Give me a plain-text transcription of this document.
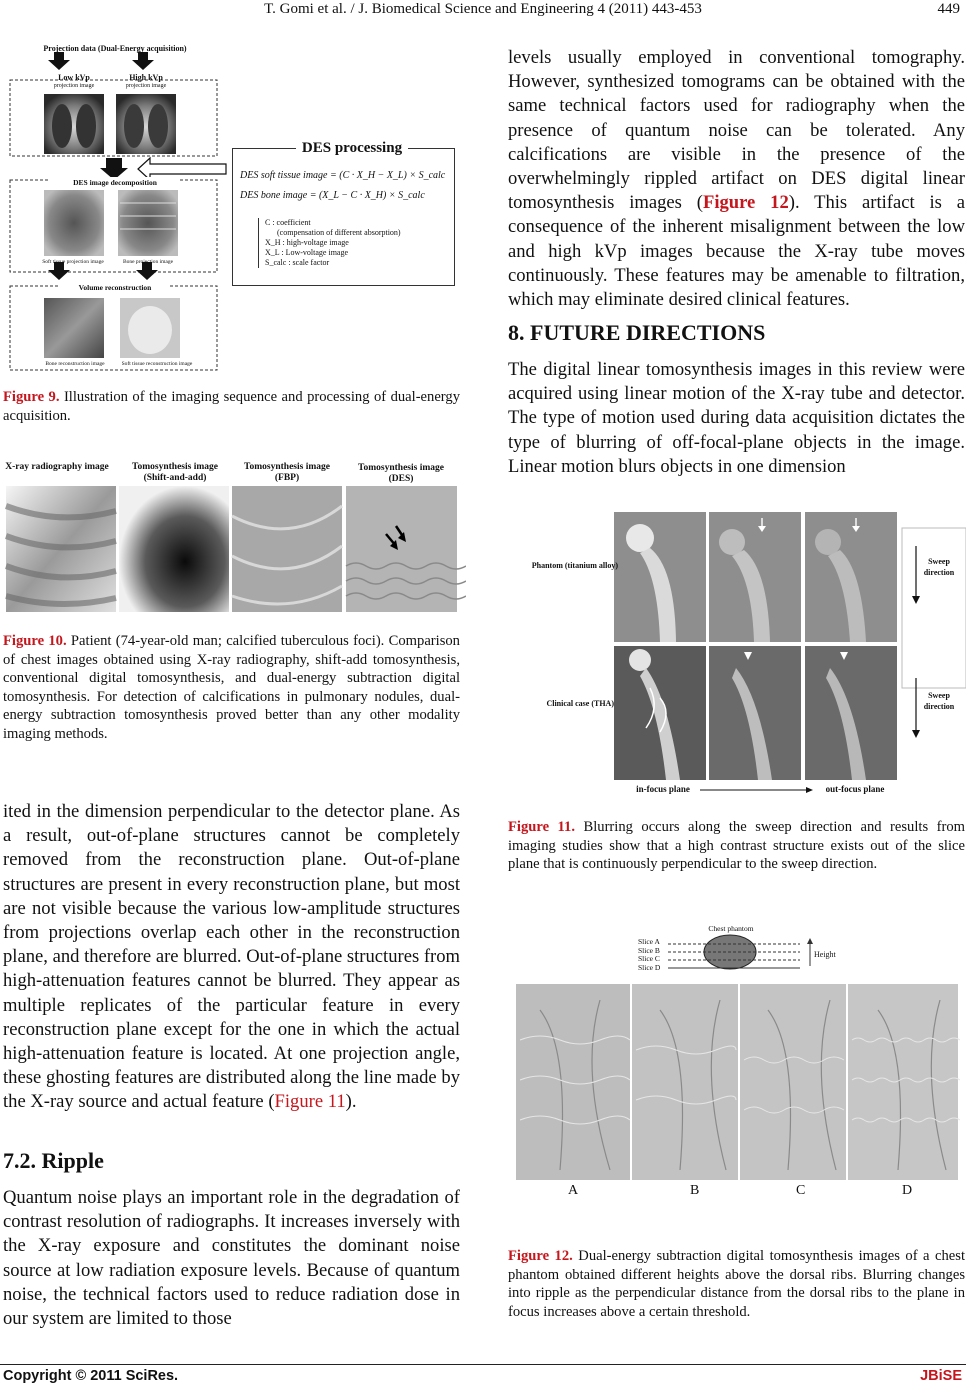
T. Gomi et al. / J. Biomedical Science and Engineering 4 (2011) 443-453	449
Projection data (Dual-Energy acquisition)
Low kVp
projection image
High kVp
projection image
DES image decomposition
Soft tissue projection image	Bone projection image
Volume reconstruction
Bone reconstruction image	Soft tissue reconstruction image
DES processing
DES soft tissue image = (C · X_H − X_L) × S_calc
DES bone image = (X_L − C · X_H) × S_calc
C : coefficient
(compensation of different absorption)
X_H : high-voltage image
X_L : Low-voltage image
S_calc : scale factor
Figure 9. Illustration of the imaging sequence and processing of dual-energy acquisition.
X-ray radiography image	Tomosynthesis image (Shift-and-add)
Tomosynthesis image (FBP)
Tomosynthesis image (DES)
Figure 10. Patient (74-year-old man; calcified tuberculous foci). Comparison of chest images obtained using X-ray radiography, shift-add tomosynthesis, conventional digital tomosynthesis, and dual-energy subtraction digital tomosynthesis. For detection of calcifications in pulmonary nodules, dual-energy subtraction tomosynthesis proved better than any other modality imaging methods.
ited in the dimension perpendicular to the detector plane. As a result, out-of-plane structures cannot be completely removed from the reconstruction plane. Out-of-plane structures are present in every reconstruction plane, but most are not visible because the various low-amplitude structures from projections overlap each other in the reconstruction plane, and therefore are blurred. Out-of-plane structures from high-attenuation features cannot be blurred. They appear as multiple replicates of the particular feature in every reconstruction plane except for the one in which the actual high-attenuation feature is located. At one projection angle, these ghosting features are distributed along the line made by the X-ray source and actual feature (Figure 11).
7.2. Ripple
Quantum noise plays an important role in the degradation of contrast resolution of radiographs. It increases inversely with the X-ray exposure and constitutes the dominant noise source at low radiation exposure levels. Because of quantum noise, the technical factors used to reduce radiation dose in our system are limited to those
levels usually employed in conventional tomography. However, synthesized tomograms can be obtained with the same technical factors used for radiography when the presence of quantum noise can be tolerated. Any calcifications are visible in the presence of the overwhelmingly rippled artifact on DES digital linear tomosynthesis images (Figure 12). This artifact is a consequence of the inherent misalignment between the low and high kVp images because the X-ray tube moves continuously. These features may be amenable to filtration, which may eliminate desired clinical features.
8. FUTURE DIRECTIONS
The digital linear tomosynthesis images in this review were acquired using linear motion of the X-ray tube and detector. The type of motion used during data acquisition dictates the type of blurring of off-focal-plane objects in the image. Linear motion blurs objects in one dimension
Phantom (titanium alloy)
Clinical case (THA)
Sweep direction
Sweep direction
in-focus plane	out-focus plane
Figure 11. Blurring occurs along the sweep direction and results from imaging studies show that a high contrast structure exists out of the slice plane that is continuously perpendicular to the sweep direction.
Chest phantom
Slice A
Slice B
Slice C
Slice D
Height
A	B	C	D
Figure 12. Dual-energy subtraction digital tomosynthesis images of a chest phantom obtained different heights above the dorsal ribs. Blurring changes into ripple as the perpendicular distance from the dorsal ribs to the plane in focus increases above a certain threshold.
Copyright © 2011 SciRes.	JBiSE
